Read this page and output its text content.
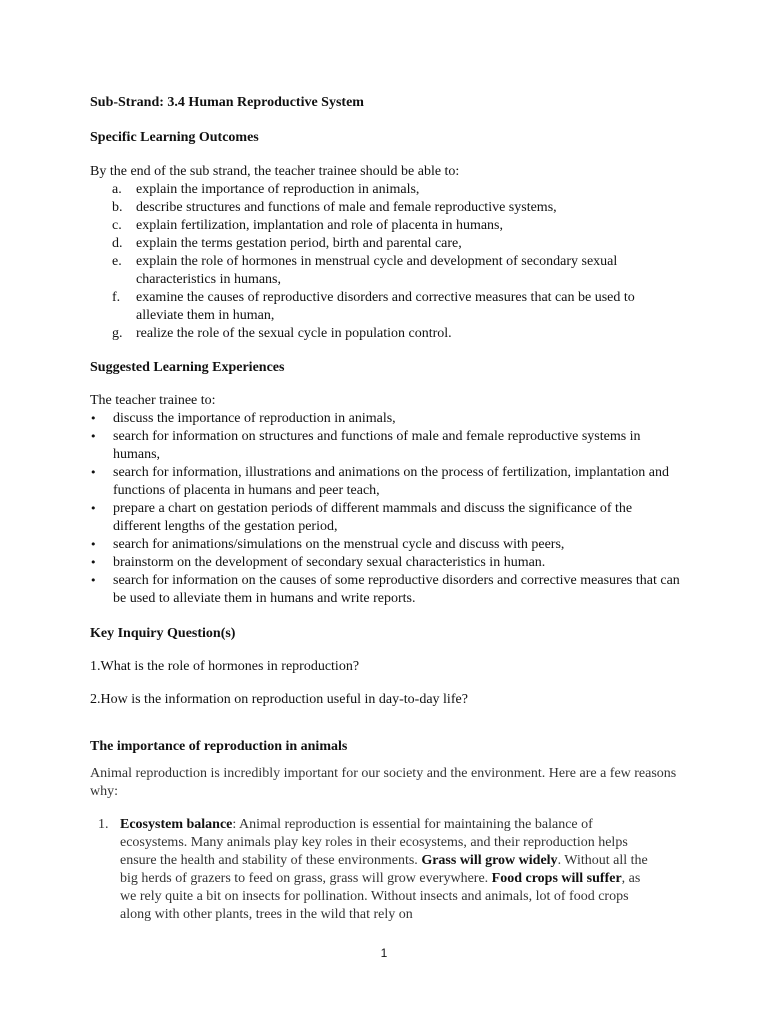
Sub-Strand: 3.4 Human Reproductive System

Specific Learning Outcomes

By the end of the sub strand, the teacher trainee should be able to:

a.	explain the importance of reproduction in animals,
b. describe structures and functions of male and female reproductive systems,
c.	explain fertilization, implantation and role of placenta in humans,
d. explain the terms gestation period, birth and parental care,
e.	explain the role of hormones in menstrual cycle and development of secondary sexual characteristics in humans,
f.	examine the causes of reproductive disorders and corrective measures that can be used to alleviate them in human,
g. realize the role of the sexual cycle in population control.

Suggested Learning Experiences

The teacher trainee to:

•	discuss the importance of reproduction in animals,
•	search for information on structures and functions of male and female reproductive systems in humans,
•	search for information, illustrations and animations on the process of fertilization, implantation and functions of placenta in humans and peer teach,
•	prepare a chart on gestation periods of different mammals and discuss the significance of the different lengths of the gestation period,
•	search for animations/simulations on the menstrual cycle and discuss with peers,
•	brainstorm on the development of secondary sexual characteristics in human.
•	search for information on the causes of some reproductive disorders and corrective measures that can be used to alleviate them in humans and write reports.

Key Inquiry Question(s)

1.What is the role of hormones in reproduction?

2.How is the information on reproduction useful in day-to-day life?

The importance of reproduction in animals

Animal reproduction is incredibly important for our society and the environment. Here are a few reasons why:

1. Ecosystem balance: Animal reproduction is essential for maintaining the balance of ecosystems. Many animals play key roles in their ecosystems, and their reproduction helps ensure the health and stability of these environments. Grass will grow widely. Without all the big herds of grazers to feed on grass, grass will grow everywhere. Food crops will suffer, as we rely quite a bit on insects for pollination. Without insects and animals, lot of food crops along with other plants, trees in the wild that rely on

1
